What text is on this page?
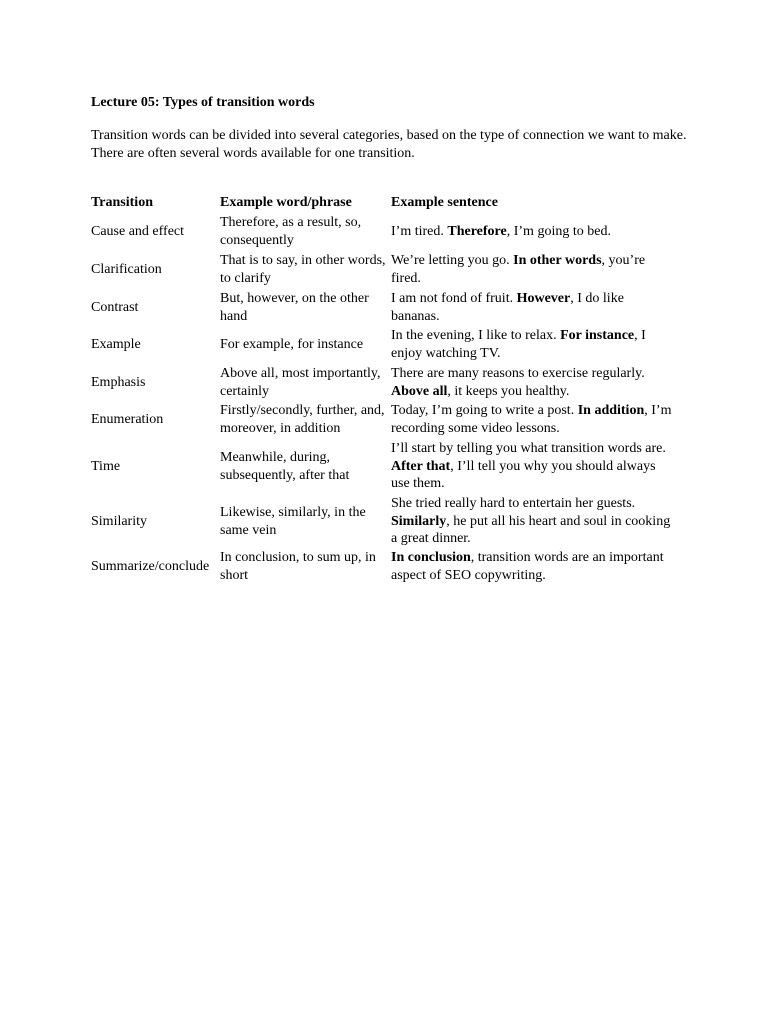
Lecture 05: Types of transition words

Transition words can be divided into several categories, based on the type of connection we want to make. There are often several words available for one transition.

Transition	Example word/phrase	Example sentence
Cause and effect	Therefore, as a result, so, consequently	I’m tired. Therefore, I’m going to bed.
Clarification	That is to say, in other words, to clarify	We’re letting you go. In other words, you’re fired.
Contrast	But, however, on the other hand	I am not fond of fruit. However, I do like bananas.
Example	For example, for instance	In the evening, I like to relax. For instance, I enjoy watching TV.
Emphasis	Above all, most importantly, certainly	There are many reasons to exercise regularly. Above all, it keeps you healthy.
Enumeration	Firstly/secondly, further, and, moreover, in addition	Today, I’m going to write a post. In addition, I’m recording some video lessons.
Time	Meanwhile, during, subsequently, after that	I’ll start by telling you what transition words are. After that, I’ll tell you why you should always use them.
Similarity	Likewise, similarly, in the same vein	She tried really hard to entertain her guests. Similarly, he put all his heart and soul in cooking a great dinner.
Summarize/conclude	In conclusion, to sum up, in short	In conclusion, transition words are an important aspect of SEO copywriting.
